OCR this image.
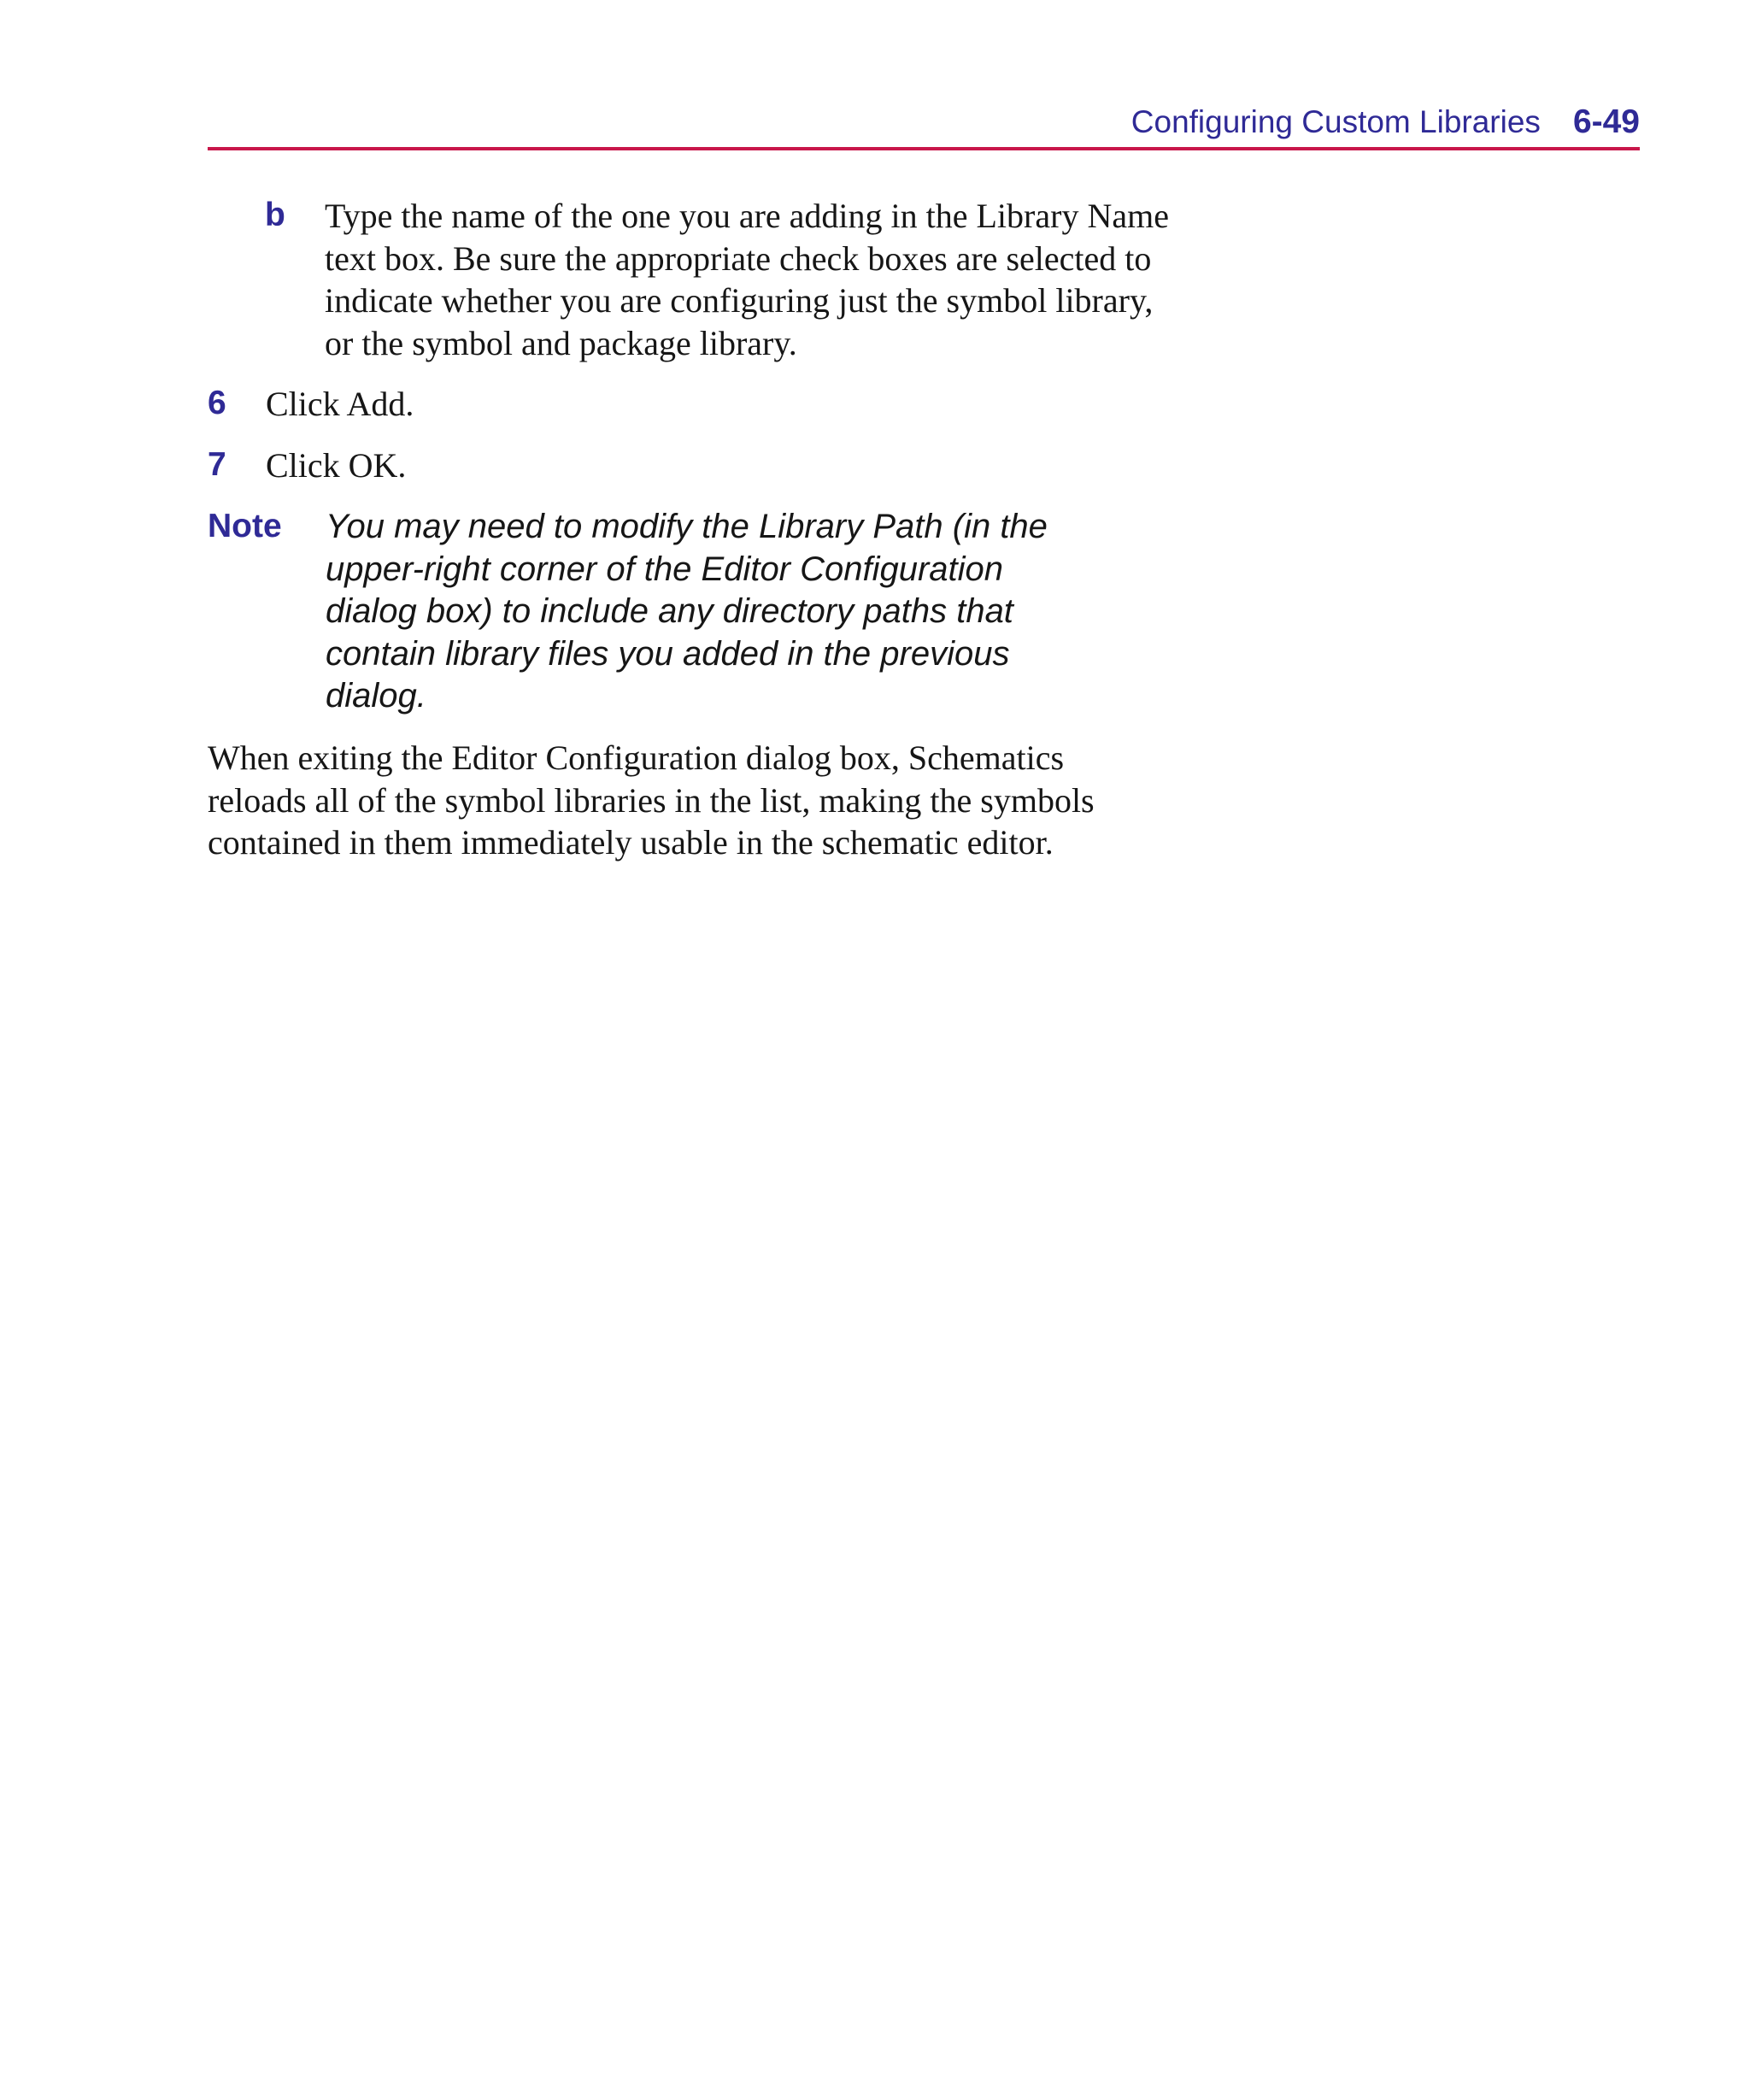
Configuring Custom Libraries 6-49
b Type the name of the one you are adding in the Library Name text box. Be sure the appropriate check boxes are selected to indicate whether you are configuring just the symbol library, or the symbol and package library.
6 Click Add.
7 Click OK.
Note You may need to modify the Library Path (in the upper-right corner of the Editor Configuration dialog box) to include any directory paths that contain library files you added in the previous dialog.
When exiting the Editor Configuration dialog box, Schematics reloads all of the symbol libraries in the list, making the symbols contained in them immediately usable in the schematic editor.
